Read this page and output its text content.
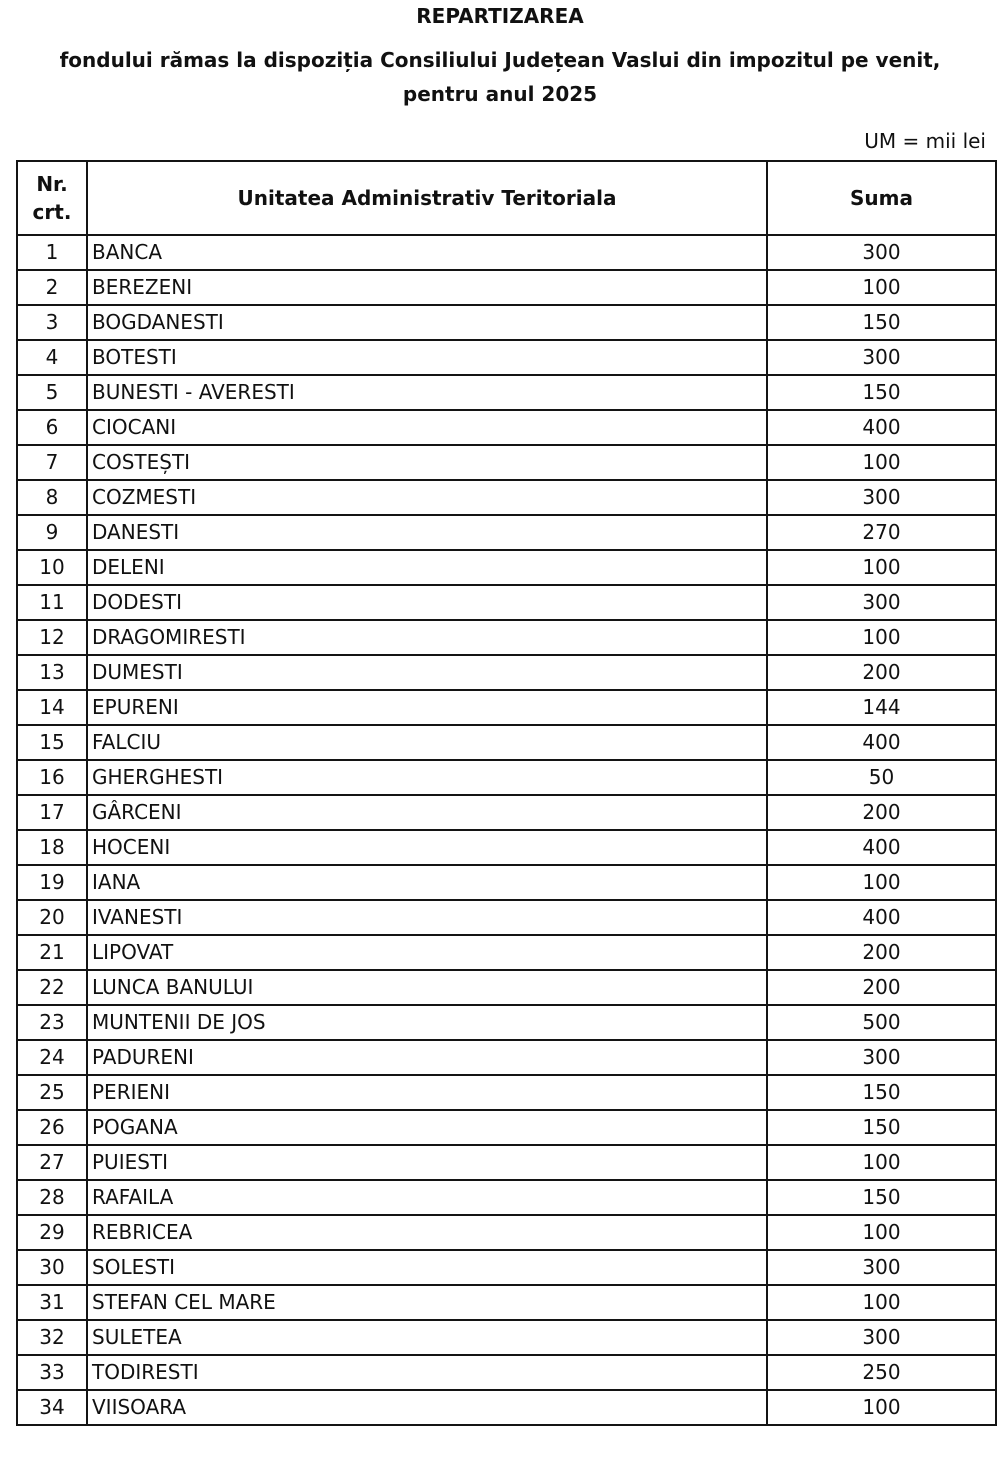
REPARTIZAREA
fondului rămas la dispoziția Consiliului Județean Vaslui din impozitul pe venit,
pentru anul 2025
UM = mii lei
Nr.
crt.	Unitatea Administrativ Teritoriala	Suma
1	BANCA	300
2	BEREZENI	100
3	BOGDANESTI	150
4	BOTESTI	300
5	BUNESTI - AVERESTI	150
6	CIOCANI	400
7	COSTEȘTI	100
8	COZMESTI	300
9	DANESTI	270
10	DELENI	100
11	DODESTI	300
12	DRAGOMIRESTI	100
13	DUMESTI	200
14	EPURENI	144
15	FALCIU	400
16	GHERGHESTI	50
17	GÂRCENI	200
18	HOCENI	400
19	IANA	100
20	IVANESTI	400
21	LIPOVAT	200
22	LUNCA BANULUI	200
23	MUNTENII DE JOS	500
24	PADURENI	300
25	PERIENI	150
26	POGANA	150
27	PUIESTI	100
28	RAFAILA	150
29	REBRICEA	100
30	SOLESTI	300
31	STEFAN CEL MARE	100
32	SULETEA	300
33	TODIRESTI	250
34	VIISOARA	100
